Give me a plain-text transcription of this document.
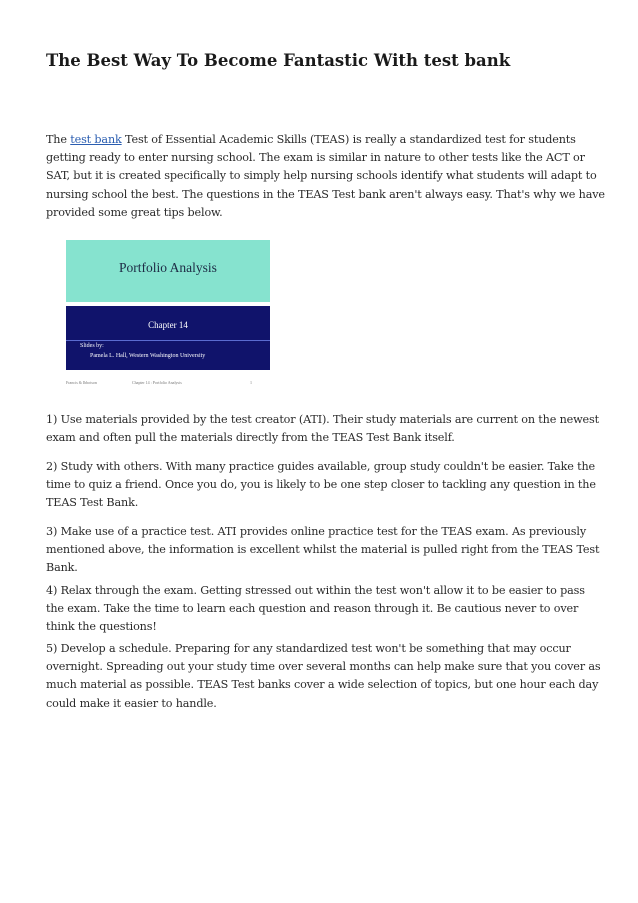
The Best Way To Become Fantastic With test bank

The test bank Test of Essential Academic Skills (TEAS) is really a standardized test for students getting ready to enter nursing school. The exam is similar in nature to other tests like the ACT or SAT, but it is created specifically to simply help nursing schools identify what students will adapt to nursing school the best. The questions in the TEAS Test bank aren't always easy. That's why we have provided some great tips below.

Portfolio Analysis
Chapter 14
Slides by:
Pamela L. Hall, Western Washington University
Francis & Ibbotson	Chapter 14 : Portfolio Analysis	1

1) Use materials provided by the test creator (ATI). Their study materials are current on the newest exam and often pull the materials directly from the TEAS Test Bank itself.

2) Study with others. With many practice guides available, group study couldn't be easier. Take the time to quiz a friend. Once you do, you is likely to be one step closer to tackling any question in the TEAS Test Bank.

3) Make use of a practice test. ATI provides online practice test for the TEAS exam. As previously mentioned above, the information is excellent whilst the material is pulled right from the TEAS Test Bank.

4) Relax through the exam. Getting stressed out within the test won't allow it to be easier to pass the exam. Take the time to learn each question and reason through it. Be cautious never to over think the questions!

5) Develop a schedule. Preparing for any standardized test won't be something that may occur overnight. Spreading out your study time over several months can help make sure that you cover as much material as possible. TEAS Test banks cover a wide selection of topics, but one hour each day could make it easier to handle.
